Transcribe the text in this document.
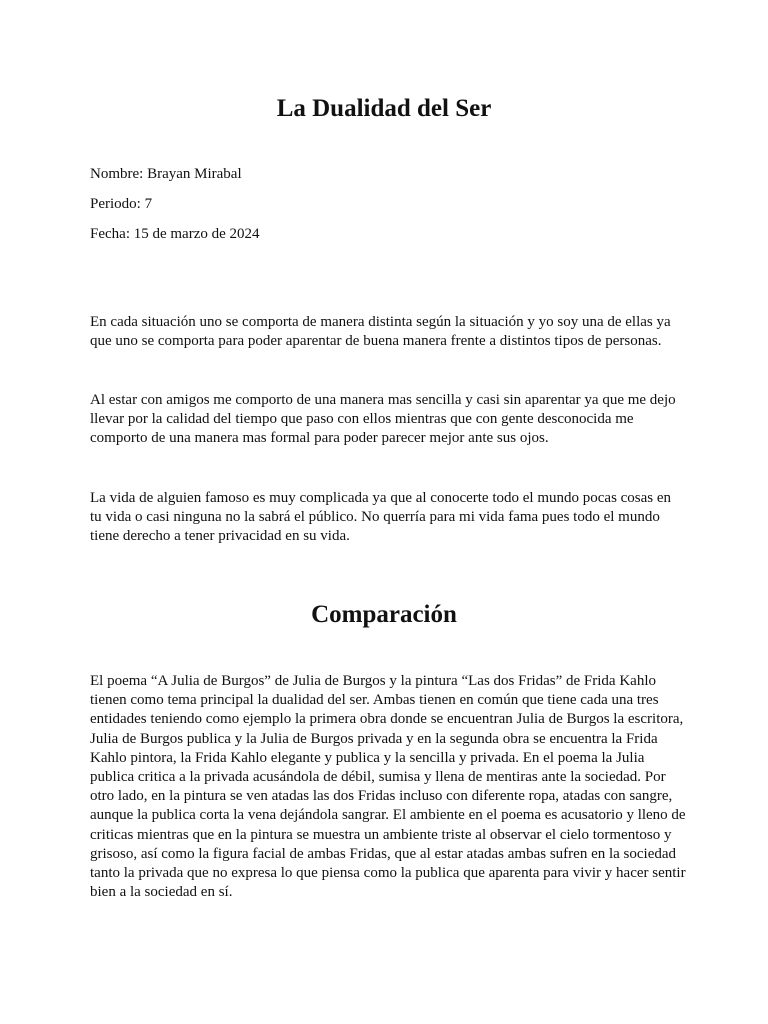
La Dualidad del Ser

Nombre: Brayan Mirabal

Periodo: 7

Fecha: 15 de marzo de 2024

En cada situación uno se comporta de manera distinta según la situación y yo soy una de ellas ya que uno se comporta para poder aparentar de buena manera frente a distintos tipos de personas.

Al estar con amigos me comporto de una manera mas sencilla y casi sin aparentar ya que me dejo llevar por la calidad del tiempo que paso con ellos mientras que con gente desconocida me comporto de una manera mas formal para poder parecer mejor ante sus ojos.

La vida de alguien famoso es muy complicada ya que al conocerte todo el mundo pocas cosas en tu vida o casi ninguna no la sabrá el público. No querría para mi vida fama pues todo el mundo tiene derecho a tener privacidad en su vida.

Comparación

El poema “A Julia de Burgos” de Julia de Burgos y la pintura “Las dos Fridas” de Frida Kahlo tienen como tema principal la dualidad del ser. Ambas tienen en común que tiene cada una tres entidades teniendo como ejemplo la primera obra donde se encuentran Julia de Burgos la escritora, Julia de Burgos publica y la Julia de Burgos privada y en la segunda obra se encuentra la Frida Kahlo pintora, la Frida Kahlo elegante y publica y la sencilla y privada. En el poema la Julia publica critica a la privada acusándola de débil, sumisa y llena de mentiras ante la sociedad. Por otro lado, en la pintura se ven atadas las dos Fridas incluso con diferente ropa, atadas con sangre, aunque la publica corta la vena dejándola sangrar. El ambiente en el poema es acusatorio y lleno de criticas mientras que en la pintura se muestra un ambiente triste al observar el cielo tormentoso y grisoso, así como la figura facial de ambas Fridas, que al estar atadas ambas sufren en la sociedad tanto la privada que no expresa lo que piensa como la publica que aparenta para vivir y hacer sentir bien a la sociedad en sí.
